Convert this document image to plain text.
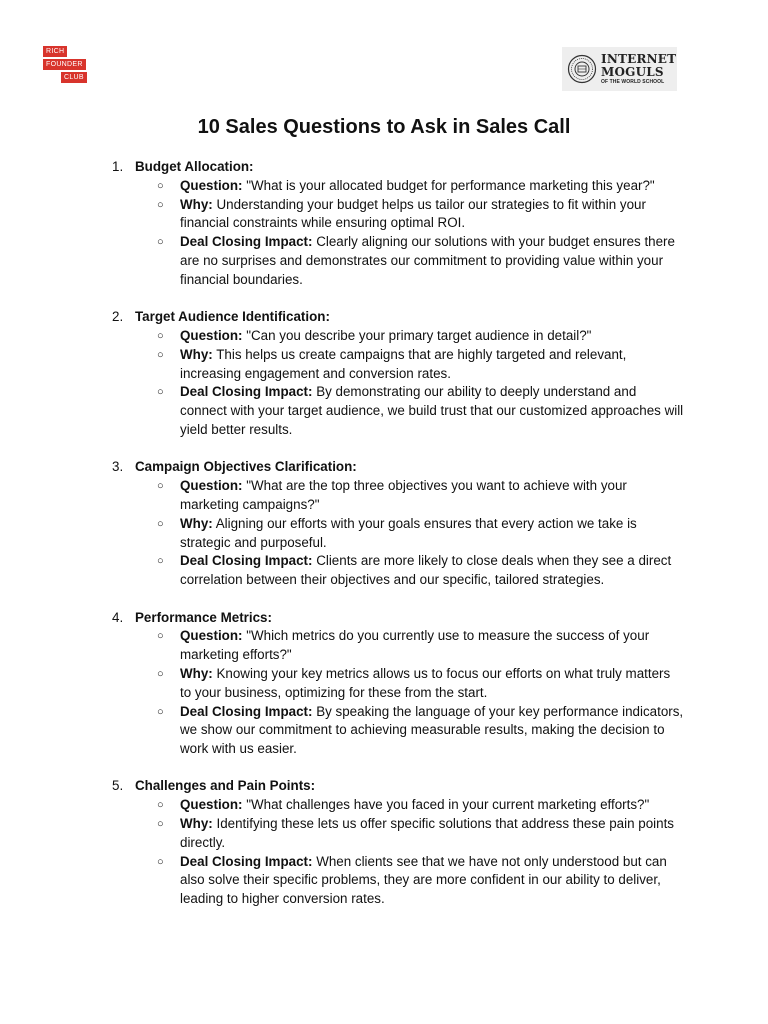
RICH
FOUNDER
CLUB
INTERNET
MOGULS
OF THE WORLD SCHOOL
10 Sales Questions to Ask in Sales Call
1. Budget Allocation:
○ Question: "What is your allocated budget for performance marketing this year?"
○ Why: Understanding your budget helps us tailor our strategies to fit within your financial constraints while ensuring optimal ROI.
○ Deal Closing Impact: Clearly aligning our solutions with your budget ensures there are no surprises and demonstrates our commitment to providing value within your financial boundaries.
2. Target Audience Identification:
○ Question: "Can you describe your primary target audience in detail?"
○ Why: This helps us create campaigns that are highly targeted and relevant, increasing engagement and conversion rates.
○ Deal Closing Impact: By demonstrating our ability to deeply understand and connect with your target audience, we build trust that our customized approaches will yield better results.
3. Campaign Objectives Clarification:
○ Question: "What are the top three objectives you want to achieve with your marketing campaigns?"
○ Why: Aligning our efforts with your goals ensures that every action we take is strategic and purposeful.
○ Deal Closing Impact: Clients are more likely to close deals when they see a direct correlation between their objectives and our specific, tailored strategies.
4. Performance Metrics:
○ Question: "Which metrics do you currently use to measure the success of your marketing efforts?"
○ Why: Knowing your key metrics allows us to focus our efforts on what truly matters to your business, optimizing for these from the start.
○ Deal Closing Impact: By speaking the language of your key performance indicators, we show our commitment to achieving measurable results, making the decision to work with us easier.
5. Challenges and Pain Points:
○ Question: "What challenges have you faced in your current marketing efforts?"
○ Why: Identifying these lets us offer specific solutions that address these pain points directly.
○ Deal Closing Impact: When clients see that we have not only understood but can also solve their specific problems, they are more confident in our ability to deliver, leading to higher conversion rates.
